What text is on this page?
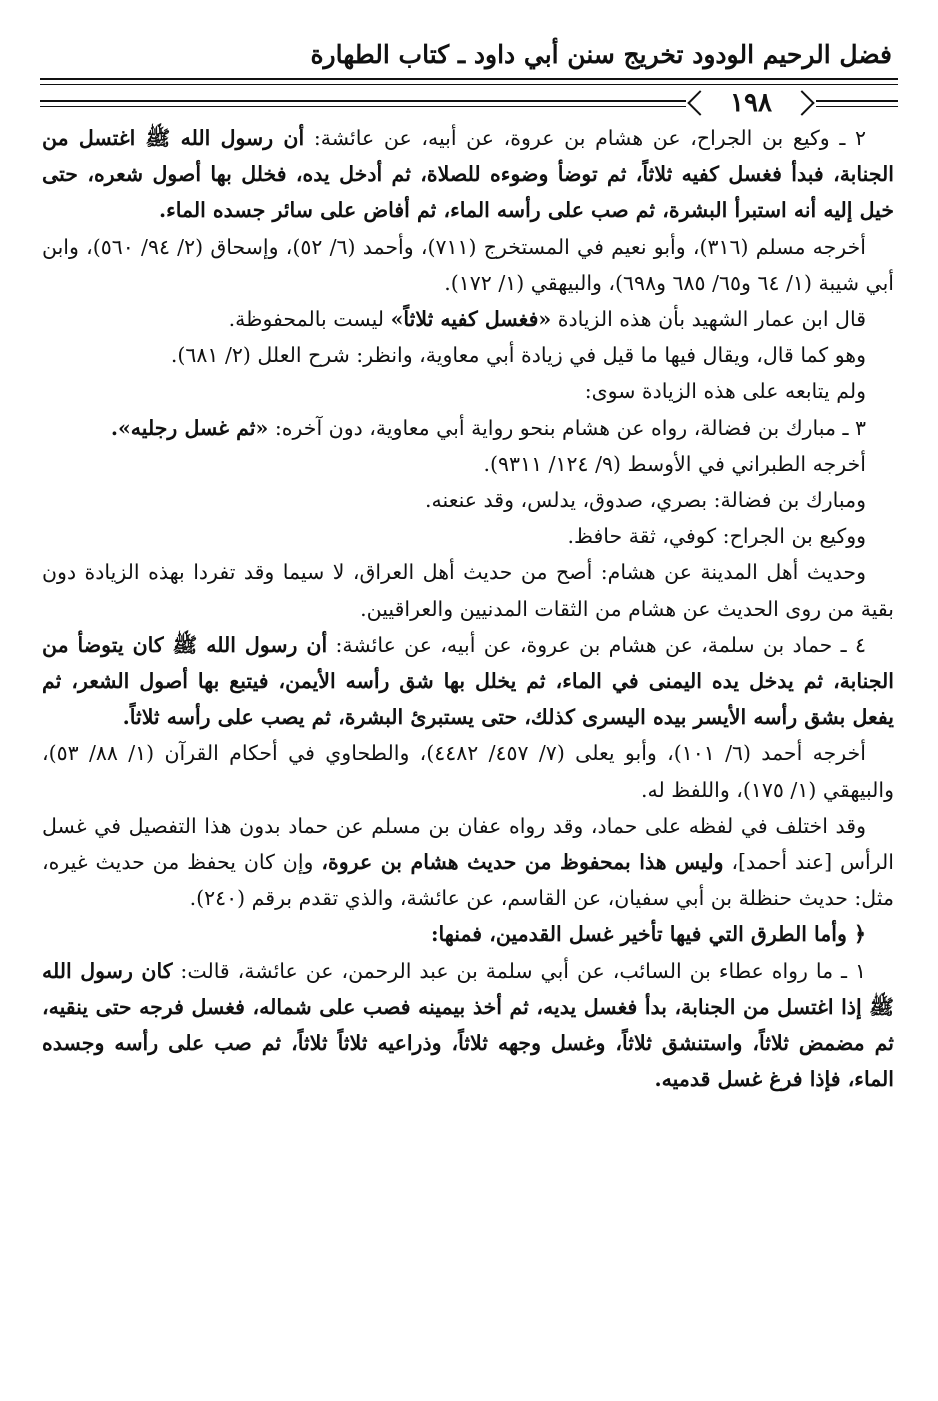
فضل الرحيم الودود تخريج سنن أبي داود ـ كتاب الطهارة
١٩٨

٢ ـ وكيع بن الجراح، عن هشام بن عروة، عن أبيه، عن عائشة: أن رسول الله ﷺ اغتسل من الجنابة، فبدأ فغسل كفيه ثلاثاً، ثم توضأ وضوءه للصلاة، ثم أدخل يده، فخلل بها أصول شعره، حتى خيل إليه أنه استبرأ البشرة، ثم صب على رأسه الماء، ثم أفاض على سائر جسده الماء.

أخرجه مسلم (٣١٦)، وأبو نعيم في المستخرج (٧١١)، وأحمد (٦/ ٥٢)، وإسحاق (٢/ ٩٤/ ٥٦٠)، وابن أبي شيبة (١/ ٦٤ و٦٥/ ٦٨٥ و٦٩٨)، والبيهقي (١/ ١٧٢).

قال ابن عمار الشهيد بأن هذه الزيادة «فغسل كفيه ثلاثاً» ليست بالمحفوظة.

وهو كما قال، ويقال فيها ما قيل في زيادة أبي معاوية، وانظر: شرح العلل (٢/ ٦٨١).

ولم يتابعه على هذه الزيادة سوى:

٣ ـ مبارك بن فضالة، رواه عن هشام بنحو رواية أبي معاوية، دون آخره: «ثم غسل رجليه».

أخرجه الطبراني في الأوسط (٩/ ١٢٤/ ٩٣١١).

ومبارك بن فضالة: بصري، صدوق، يدلس، وقد عنعنه.

ووكيع بن الجراح: كوفي، ثقة حافظ.

وحديث أهل المدينة عن هشام: أصح من حديث أهل العراق، لا سيما وقد تفردا بهذه الزيادة دون بقية من روى الحديث عن هشام من الثقات المدنيين والعراقيين.

٤ ـ حماد بن سلمة، عن هشام بن عروة، عن أبيه، عن عائشة: أن رسول الله ﷺ كان يتوضأ من الجنابة، ثم يدخل يده اليمنى في الماء، ثم يخلل بها شق رأسه الأيمن، فيتبع بها أصول الشعر، ثم يفعل بشق رأسه الأيسر بيده اليسرى كذلك، حتى يستبرئ البشرة، ثم يصب على رأسه ثلاثاً.

أخرجه أحمد (٦/ ١٠١)، وأبو يعلى (٧/ ٤٥٧/ ٤٤٨٢)، والطحاوي في أحكام القرآن (١/ ٨٨/ ٥٣)، والبيهقي (١/ ١٧٥)، واللفظ له.

وقد اختلف في لفظه على حماد، وقد رواه عفان بن مسلم عن حماد بدون هذا التفصيل في غسل الرأس [عند أحمد]، وليس هذا بمحفوظ من حديث هشام بن عروة، وإن كان يحفظ من حديث غيره، مثل: حديث حنظلة بن أبي سفيان، عن القاسم، عن عائشة، والذي تقدم برقم (٢٤٠).

﴿ وأما الطرق التي فيها تأخير غسل القدمين، فمنها:

١ ـ ما رواه عطاء بن السائب، عن أبي سلمة بن عبد الرحمن، عن عائشة، قالت: كان رسول الله ﷺ إذا اغتسل من الجنابة، بدأ فغسل يديه، ثم أخذ بيمينه فصب على شماله، فغسل فرجه حتى ينقيه، ثم مضمض ثلاثاً، واستنشق ثلاثاً، وغسل وجهه ثلاثاً، وذراعيه ثلاثاً ثلاثاً، ثم صب على رأسه وجسده الماء، فإذا فرغ غسل قدميه.
